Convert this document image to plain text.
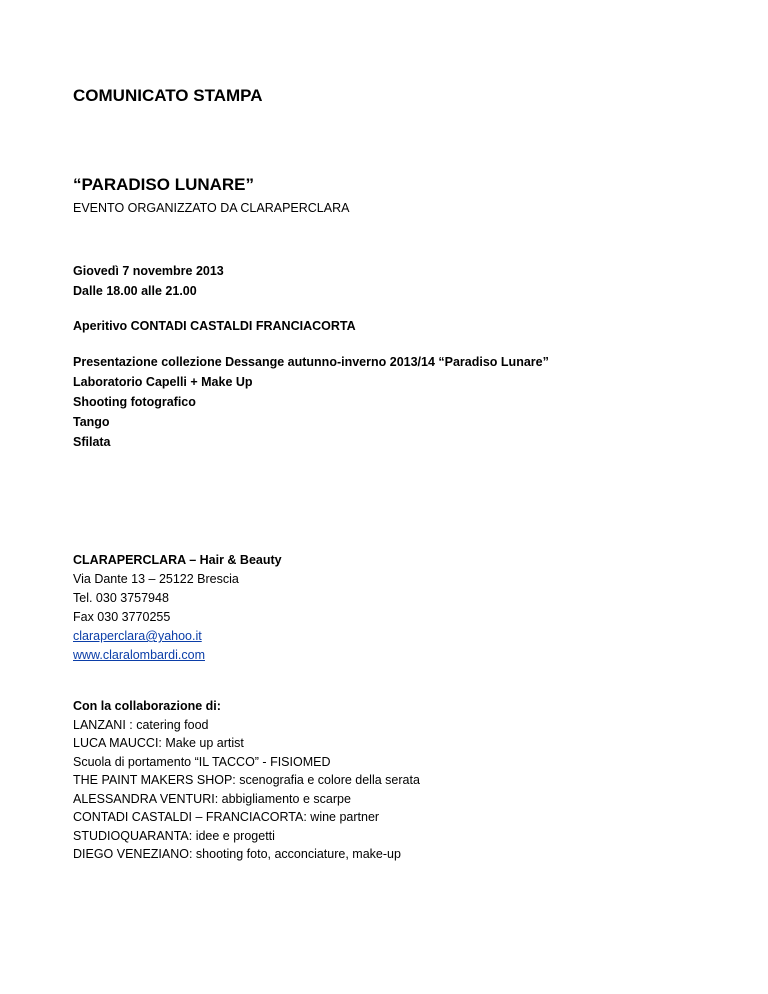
COMUNICATO STAMPA
“PARADISO LUNARE”
EVENTO ORGANIZZATO DA CLARAPERCLARA

Giovedì 7 novembre 2013

Dalle 18.00 alle 21.00

Aperitivo CONTADI CASTALDI FRANCIACORTA

Presentazione collezione Dessange autunno-inverno 2013/14 “Paradiso Lunare”

Laboratorio Capelli + Make Up

Shooting fotografico

Tango

Sfilata

CLARAPERCLARA – Hair & Beauty

Via Dante 13 – 25122 Brescia

Tel. 030 3757948

Fax 030 3770255

claraperclara@yahoo.it

www.claralombardi.com

Con la collaborazione di:

LANZANI : catering food

LUCA MAUCCI: Make up artist

Scuola di portamento “IL TACCO” - FISIOMED

THE PAINT MAKERS SHOP: scenografia e colore della serata

ALESSANDRA VENTURI: abbigliamento e scarpe

CONTADI CASTALDI – FRANCIACORTA: wine partner

STUDIOQUARANTA: idee e progetti

DIEGO VENEZIANO: shooting foto, acconciature, make-up
